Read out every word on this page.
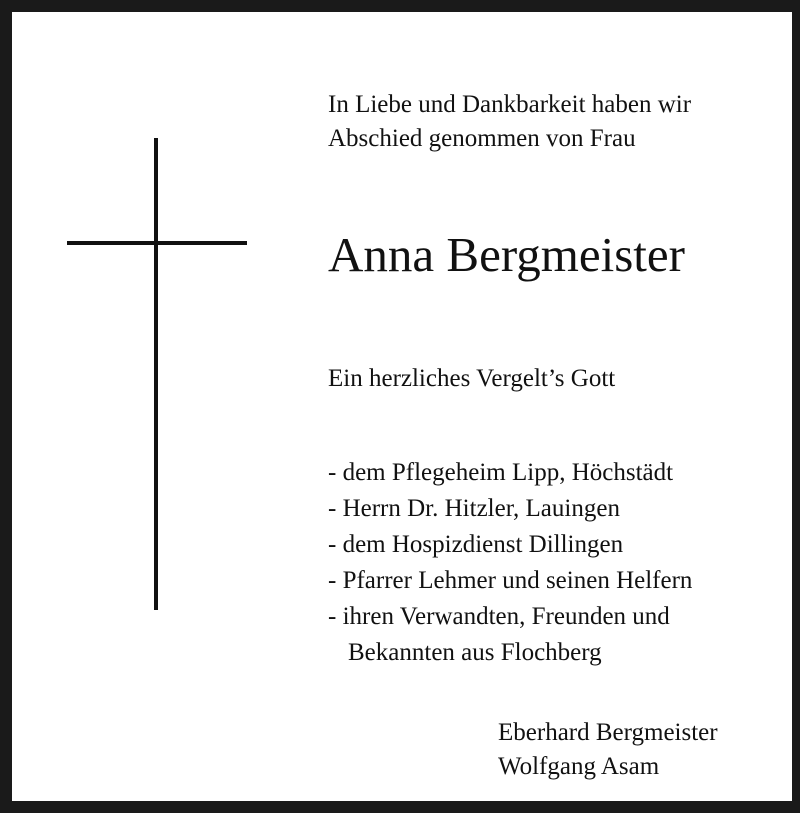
In Liebe und Dankbarkeit haben wir
Abschied genommen von Frau
Anna Bergmeister
Ein herzliches Vergelt’s Gott
- dem Pflegeheim Lipp, Höchstädt
- Herrn Dr. Hitzler, Lauingen
- dem Hospizdienst Dillingen
- Pfarrer Lehmer und seinen Helfern
- ihren Verwandten, Freunden und
Bekannten aus Flochberg
Eberhard Bergmeister
Wolfgang Asam
